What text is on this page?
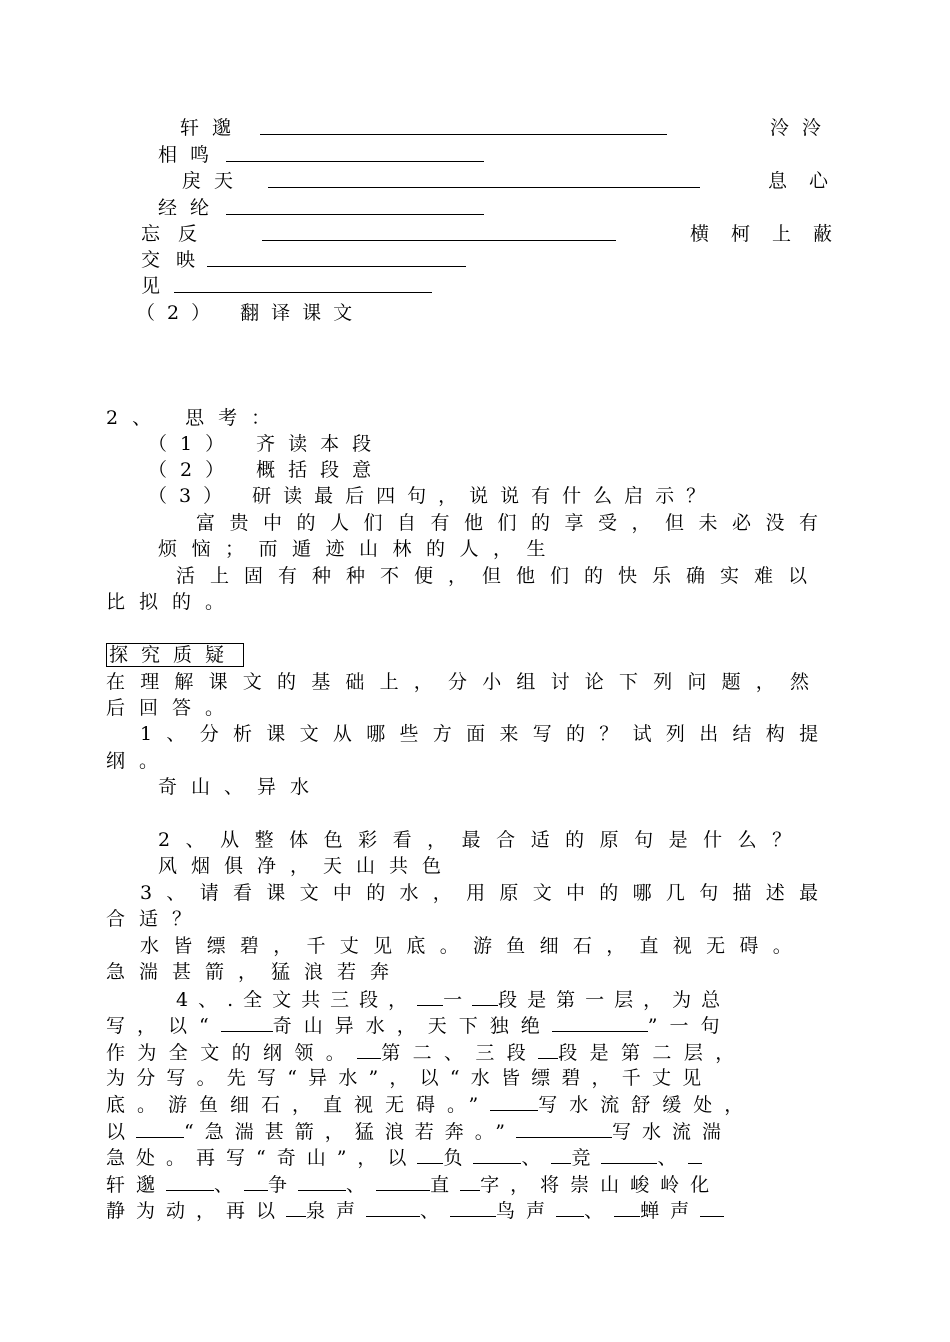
轩邈	泠泠
相鸣
戾天	息心
经纶
忘反	横柯上蔽
交映
见
（2） 翻译课文
2、 思考：
（1） 齐读本段
（2） 概括段意
（3） 研读最后四句，说说有什么启示？
富贵中的人们自有他们的享受，但未必没有
烦恼；而遁迹山林的人，生
活上固有种种不便，但他们的快乐确实难以
比拟的。
探究质疑
在理解课文的基础上，分小组讨论下列问题，然
后回答。
1、分析课文从哪些方面来写的？试列出结构提
纲。
奇山、异水
2、从整体色彩看，最合适的原句是什么？
风烟俱净，天山共色
3、请看课文中的水，用原文中的哪几句描述最
合适？
水皆缥碧，千丈见底。游鱼细石，直视无碍。
急湍甚箭，猛浪若奔
4、.全文共三段， 一 段是第一层，为总
写，以“	奇山异水，天下独绝	”一句
作为全文的纲领。 第二、三段 段是第二层，
为分写。先写“异水”，以“水皆缥碧，千丈见
底。游鱼细石，直视无碍。”	写水流舒缓处，
以	“急湍甚箭，猛浪若奔。”	写水流湍
急处。再写“奇山”，以 负	、 竞	、
轩邈	、 争	、	直 字，将崇山峻岭化
静为动，再以 泉声	、 鸟声 、 蝉声
